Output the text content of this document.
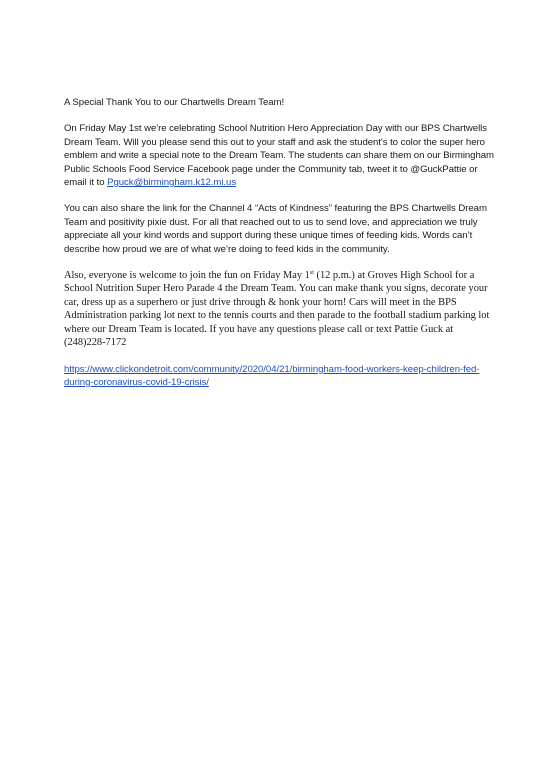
A Special Thank You to our Chartwells Dream Team!

On Friday May 1st we're celebrating School Nutrition Hero Appreciation Day with our BPS Chartwells Dream Team. Will you please send this out to your staff and ask the student's to color the super hero emblem and write a special note to the Dream Team. The students can share them on our Birmingham Public Schools Food Service Facebook page under the Community tab, tweet it to @GuckPattie or email it to Pguck@birmingham.k12.mi.us

You can also share the link for the Channel 4 “Acts of Kindness” featuring the BPS Chartwells Dream Team and positivity pixie dust. For all that reached out to us to send love, and appreciation we truly appreciate all your kind words and support during these unique times of feeding kids. Words can’t describe how proud we are of what we’re doing to feed kids in the community.

Also, everyone is welcome to join the fun on Friday May 1st (12 p.m.) at Groves High School for a School Nutrition Super Hero Parade 4 the Dream Team. You can make thank you signs, decorate your car, dress up as a superhero or just drive through & honk your horn! Cars will meet in the BPS Administration parking lot next to the tennis courts and then parade to the football stadium parking lot where our Dream Team is located. If you have any questions please call or text Pattie Guck at (248)228-7172

https://www.clickondetroit.com/community/2020/04/21/birmingham-food-workers-keep-children-fed-during-coronavirus-covid-19-crisis/
